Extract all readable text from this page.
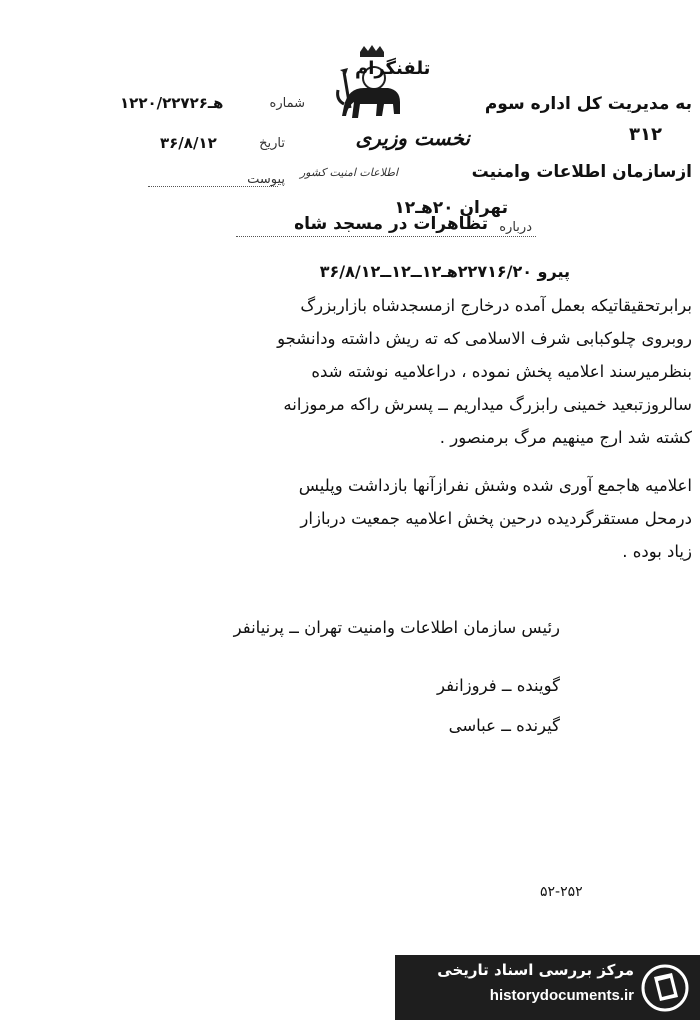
تلفنگرام
به مدیریت کل اداره سوم
۳۱۲
نخست وزیری
ازسازمان اطلاعات وامنیت
اطلاعات امنیت کشور
تهران ۲۰هـ۱۲
شماره
۱۲هـ۲۰/۲۲۷۲۶
تاریخ
۳۶/۸/۱۲
پیوست
درباره
تظاهرات در مسجد شاه
پیرو ۲۲۷۱۶/۲۰هـ۱۲ــ۱۲ــ۳۶/۸/۱۲
برابرتحقیقاتیکه بعمل آمده درخارج ازمسجدشاه بازاربزرگ
روبروی چلوکبابی شرف الاسلامی که ته ریش داشته ودانشجو
بنظرمیرسند اعلامیه پخش نموده ، دراعلامیه نوشته شده
سالروزتبعید خمینی رابزرگ میداریم ــ پسرش راکه مرموزانه
کشته شد ارج مینهیم مرگ برمنصور .
اعلامیه هاجمع آوری شده وشش نفرازآنها بازداشت وپلیس
درمحل مستقرگردیده درحین پخش اعلامیه جمعیت دربازار
زیاد بوده .
رئیس سازمان اطلاعات وامنیت تهران ــ پرنیانفر
گوینده ــ فروزانفر
گیرنده ــ عباسی
۵۲-۲۵۲
مرکز بررسی اسناد تاریخی
historydocuments.ir
